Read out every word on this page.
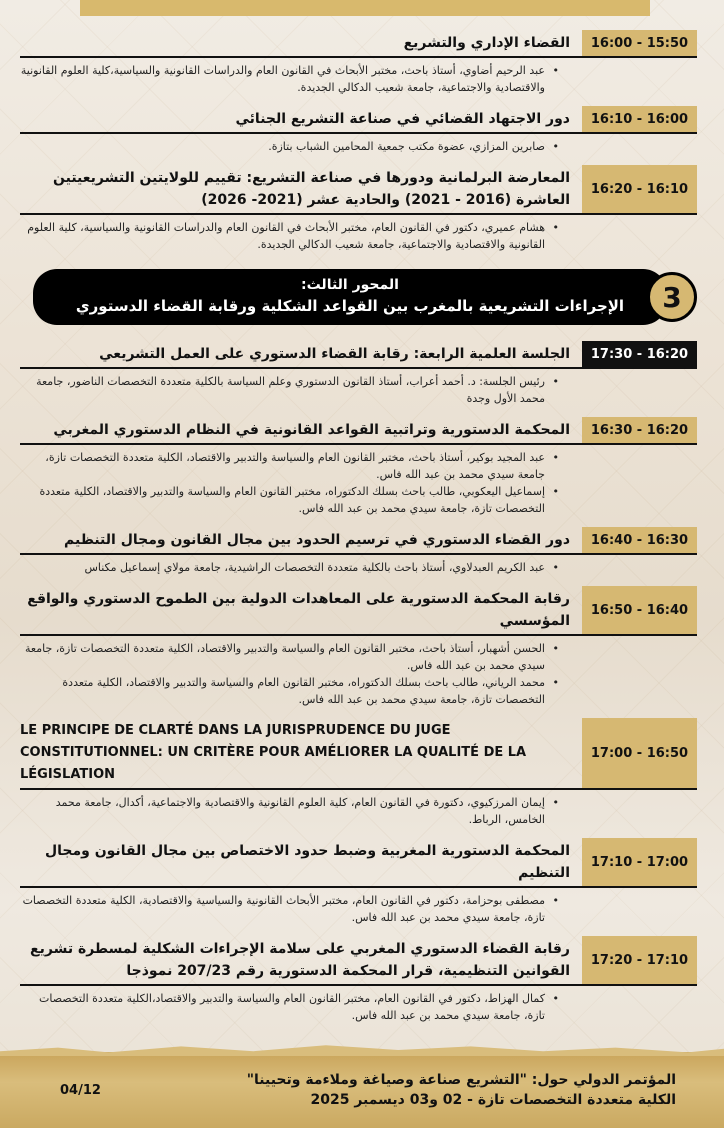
16:00 - 15:50
القضاء الإداري والتشريع
• عبد الرحيم أضاوي، أستاذ باحث، مختبر الأبحاث في القانون العام والدراسات القانونية والسياسية،كلية العلوم القانونية والاقتصادية والاجتماعية، جامعة شعيب الدكالي الجديدة.
16:10 - 16:00
دور الاجتهاد القضائي في صناعة التشريع الجنائي
• صابرين المزازي، عضوة مكتب جمعية المحامين الشباب بتازة.
16:20 - 16:10
المعارضة البرلمانية ودورها في صناعة التشريع: تقييم للولايتين التشريعيتين العاشرة (2016 - 2021) والحادية عشر (2021- 2026)
• هشام عميري، دكتور في القانون العام، مختبر الأبحاث في القانون العام والدراسات القانونية والسياسية، كلية العلوم القانونية والاقتصادية والاجتماعية، جامعة شعيب الدكالي الجديدة.
3
المحور الثالث:
الإجراءات التشريعية بالمغرب بين القواعد الشكلية ورقابة القضاء الدستوري
17:30 - 16:20
الجلسة العلمية الرابعة: رقابة القضاء الدستوري على العمل التشريعي
• رئيس الجلسة: د. أحمد أعراب، أستاذ القانون الدستوري وعلم السياسة بالكلية متعددة التخصصات الناضور، جامعة محمد الأول وجدة
16:30 - 16:20
المحكمة الدستورية وتراتبية القواعد القانونية في النظام الدستوري المغربي
• عبد المجيد بوكير، أستاذ باحث، مختبر القانون العام والسياسة والتدبير والاقتصاد، الكلية متعددة التخصصات تازة، جامعة سيدي محمد بن عبد الله فاس.
• إسماعيل اليعكوبي، طالب باحث بسلك الدكتوراه، مختبر القانون العام والسياسة والتدبير والاقتصاد، الكلية متعددة التخصصات تازة، جامعة سيدي محمد بن عبد الله فاس.
16:40 - 16:30
دور القضاء الدستوري في ترسيم الحدود بين مجال القانون ومجال التنظيم
• عبد الكريم العبدلاوي، أستاذ باحث بالكلية متعددة التخصصات الراشيدية، جامعة مولاي إسماعيل مكناس
16:50 - 16:40
رقابة المحكمة الدستورية على المعاهدات الدولية بين الطموح الدستوري والواقع المؤسسي
• الحسن أشهبار، أستاذ باحث، مختبر القانون العام والسياسة والتدبير والاقتصاد، الكلية متعددة التخصصات تازة، جامعة سيدي محمد بن عبد الله فاس.
• محمد الرياني، طالب باحث بسلك الدكتوراه، مختبر القانون العام والسياسة والتدبير والاقتصاد، الكلية متعددة التخصصات تازة، جامعة سيدي محمد بن عبد الله فاس.
17:00 - 16:50
LE PRINCIPE DE CLARTÉ DANS LA JURISPRUDENCE DU JUGE CONSTITUTIONNEL: UN CRITÈRE POUR AMÉLIORER LA QUALITÉ DE LA LÉGISLATION
• إيمان المرزكيوي، دكتورة في القانون العام، كلية العلوم القانونية والاقتصادية والاجتماعية، أكدال، جامعة محمد الخامس، الرباط.
17:10 - 17:00
المحكمة الدستورية المغربية وضبط حدود الاختصاص بين مجال القانون ومجال التنظيم
• مصطفى بوحزامة، دكتور في القانون العام، مختبر الأبحاث القانونية والسياسية والاقتصادية، الكلية متعددة التخصصات تازة، جامعة سيدي محمد بن عبد الله فاس.
17:20 - 17:10
رقابة القضاء الدستوري المغربي على سلامة الإجراءات الشكلية لمسطرة تشريع القوانين التنظيمية، قرار المحكمة الدستورية رقم 207/23 نموذجا
• كمال الهزاط، دكتور في القانون العام، مختبر القانون العام والسياسة والتدبير والاقتصاد،الكلية متعددة التخصصات تازة، جامعة سيدي محمد بن عبد الله فاس.
المؤتمر الدولي حول: "التشريع صناعة وصياغة وملاءمة وتحيينا"
الكلية متعددة التخصصات تازة - 02 و03 ديسمبر 2025
04/12
